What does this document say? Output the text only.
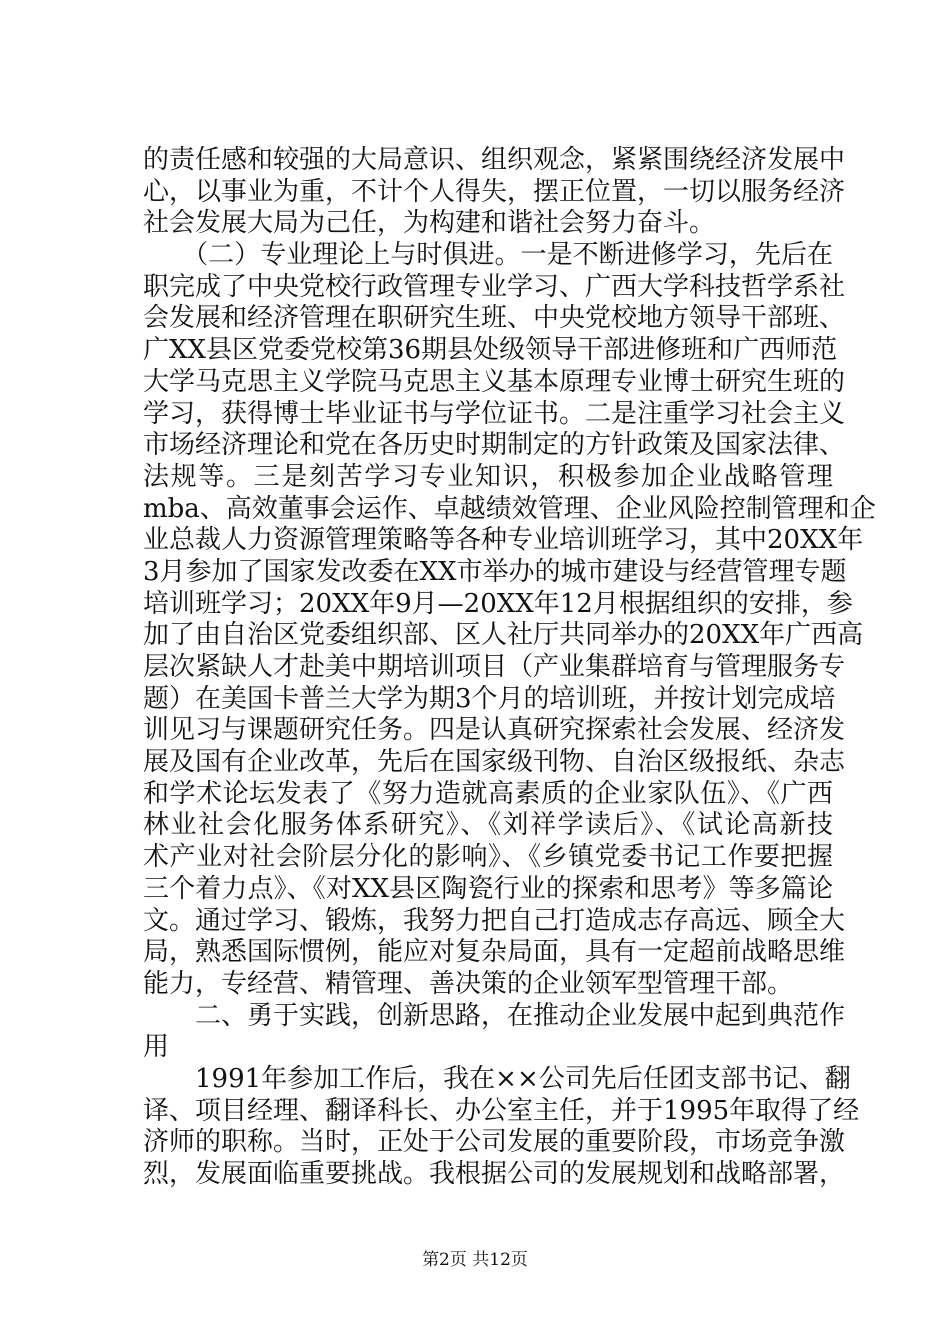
的责任感和较强的大局意识、组织观念，紧紧围绕经济发展中
心，以事业为重，不计个人得失，摆正位置，一切以服务经济
社会发展大局为己任，为构建和谐社会努力奋斗。
　　（二）专业理论上与时俱进。一是不断进修学习，先后在
职完成了中央党校行政管理专业学习、广西大学科技哲学系社
会发展和经济管理在职研究生班、中央党校地方领导干部班、
广XX县区党委党校第36期县处级领导干部进修班和广西师范
大学马克思主义学院马克思主义基本原理专业博士研究生班的
学习，获得博士毕业证书与学位证书。二是注重学习社会主义
市场经济理论和党在各历史时期制定的方针政策及国家法律、
法规等。三是刻苦学习专业知识，积极参加企业战略管理
mba、高效董事会运作、卓越绩效管理、企业风险控制管理和企
业总裁人力资源管理策略等各种专业培训班学习，其中20XX年
3月参加了国家发改委在XX市举办的城市建设与经营管理专题
培训班学习；20XX年9月—20XX年12月根据组织的安排，参
加了由自治区党委组织部、区人社厅共同举办的20XX年广西高
层次紧缺人才赴美中期培训项目（产业集群培育与管理服务专
题）在美国卡普兰大学为期3个月的培训班，并按计划完成培
训见习与课题研究任务。四是认真研究探索社会发展、经济发
展及国有企业改革，先后在国家级刊物、自治区级报纸、杂志
和学术论坛发表了《努力造就高素质的企业家队伍》、《广西
林业社会化服务体系研究》、《刘祥学读后》、《试论高新技
术产业对社会阶层分化的影响》、《乡镇党委书记工作要把握
三个着力点》、《对XX县区陶瓷行业的探索和思考》等多篇论
文。通过学习、锻炼，我努力把自己打造成志存高远、顾全大
局，熟悉国际惯例，能应对复杂局面，具有一定超前战略思维
能力，专经营、精管理、善决策的企业领军型管理干部。
　　二、勇于实践，创新思路，在推动企业发展中起到典范作
用
　　1991年参加工作后，我在××公司先后任团支部书记、翻
译、项目经理、翻译科长、办公室主任，并于1995年取得了经
济师的职称。当时，正处于公司发展的重要阶段，市场竞争激
烈，发展面临重要挑战。我根据公司的发展规划和战略部署，
第2页 共12页
